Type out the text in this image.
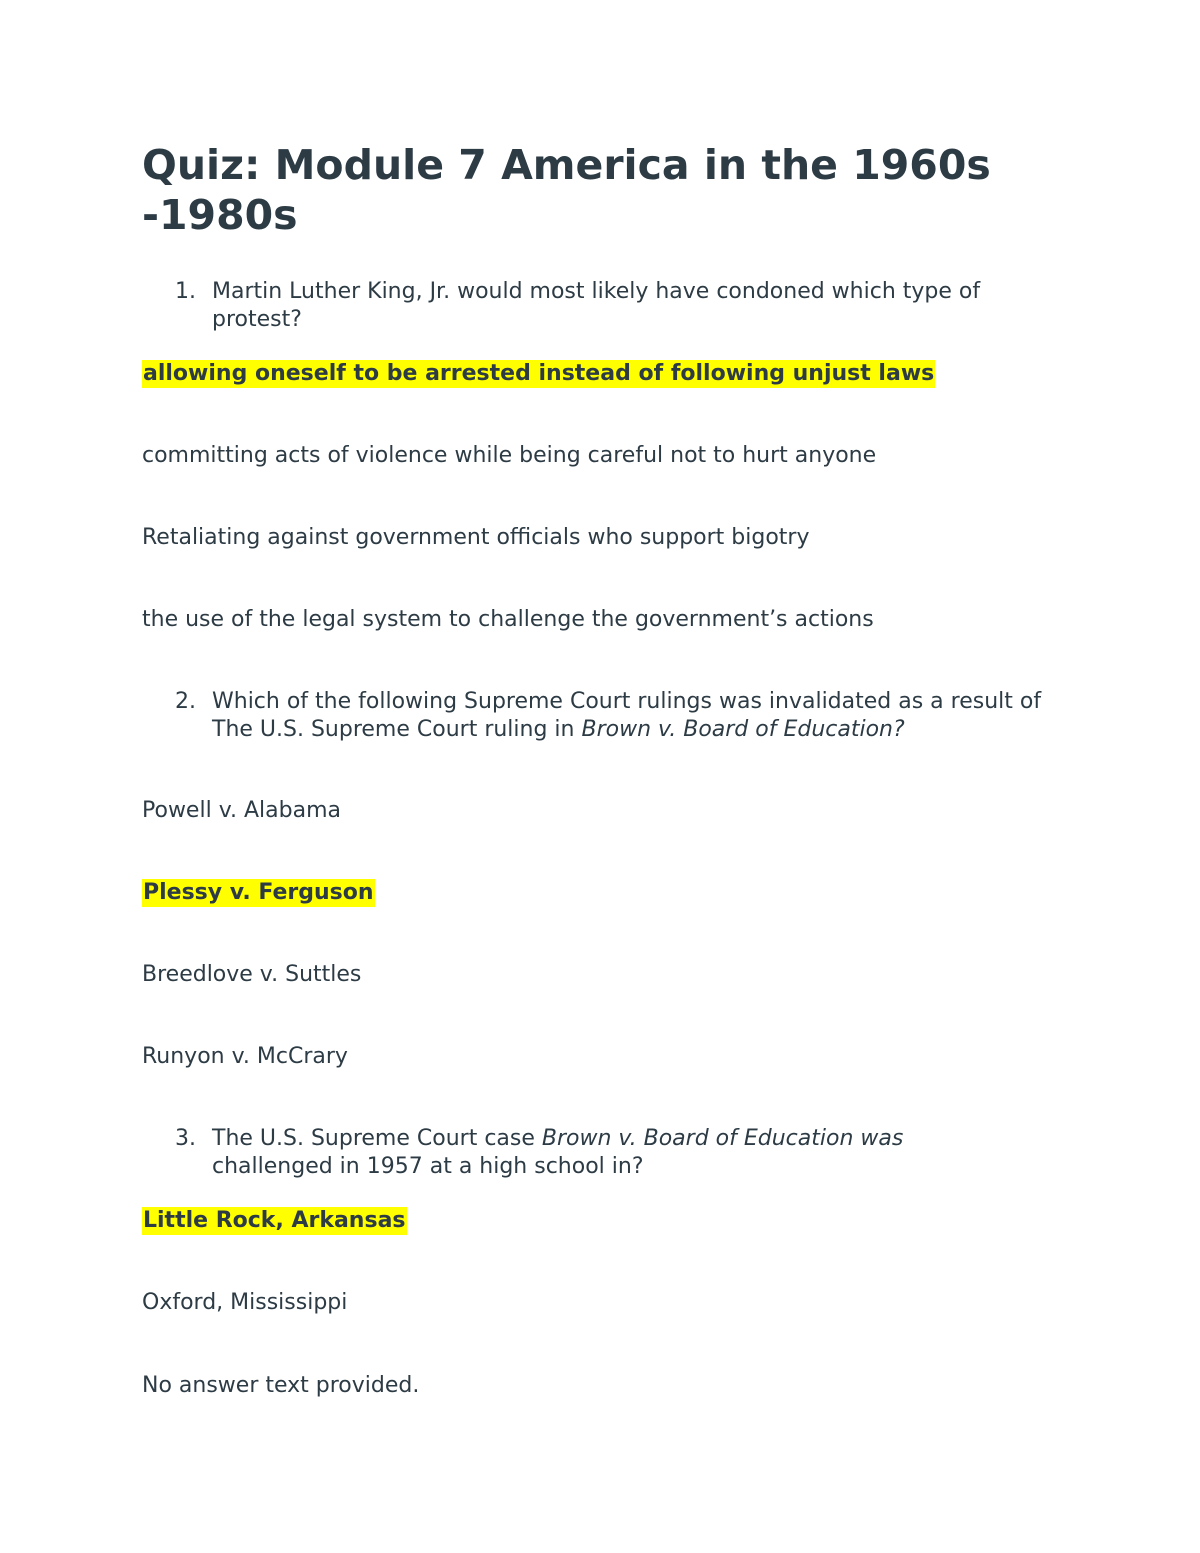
Quiz: Module 7 America in the 1960s -1980s
1. Martin Luther King, Jr. would most likely have condoned which type of protest?
allowing oneself to be arrested instead of following unjust laws
committing acts of violence while being careful not to hurt anyone
Retaliating against government officials who support bigotry
the use of the legal system to challenge the government’s actions
2. Which of the following Supreme Court rulings was invalidated as a result of The U.S. Supreme Court ruling in Brown v. Board of Education?
Powell v. Alabama
Plessy v. Ferguson
Breedlove v. Suttles
Runyon v. McCrary
3. The U.S. Supreme Court case Brown v. Board of Education was challenged in 1957 at a high school in?
Little Rock, Arkansas
Oxford, Mississippi
No answer text provided.
